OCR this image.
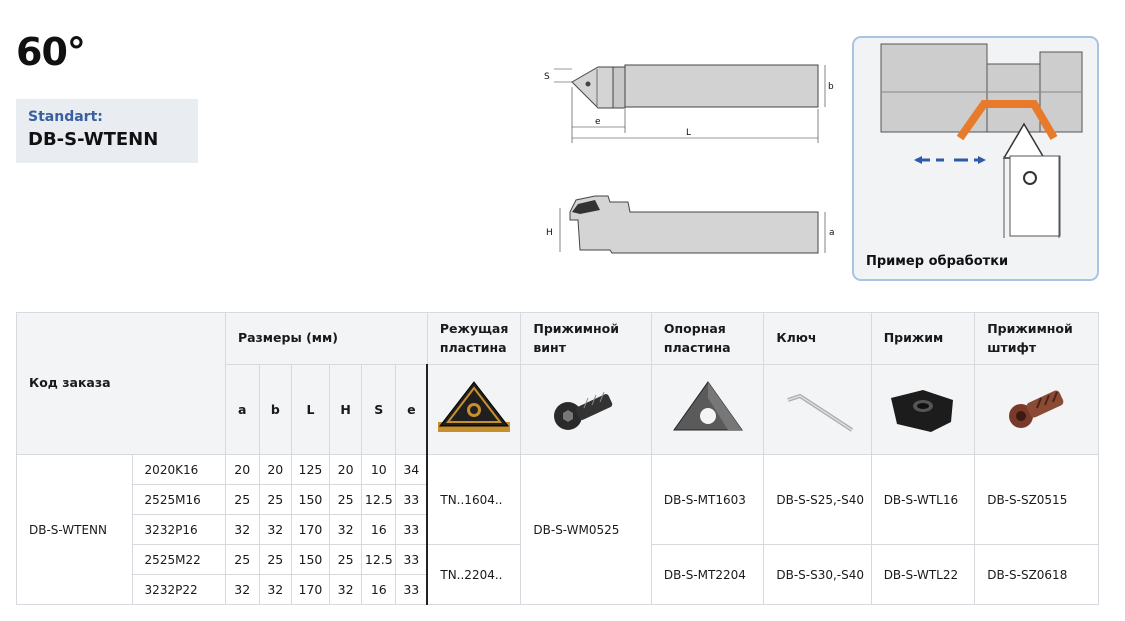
60°
Standart:
DB-S-WTENN
S
b
e
L
H	a
Пример обработки
Код заказа		Размеры (мм)						Режущая пластина	Прижимной винт	Опорная пластина	Ключ	Прижим	Прижимной штифт
		a	b	L	H	S	e						
DB-S-WTENN	2020K16	20	20	125	20	10	34	TN..1604..	DB-S-WM0525	DB-S-MT1603	DB-S-S25,-S40	DB-S-WTL16	DB-S-SZ0515
	2525M16	25	25	150	25	12.5	33						
	3232P16	32	32	170	32	16	33						
	2525M22	25	25	150	25	12.5	33	TN..2204..		DB-S-MT2204	DB-S-S30,-S40	DB-S-WTL22	DB-S-SZ0618
	3232P22	32	32	170	32	16	33						
